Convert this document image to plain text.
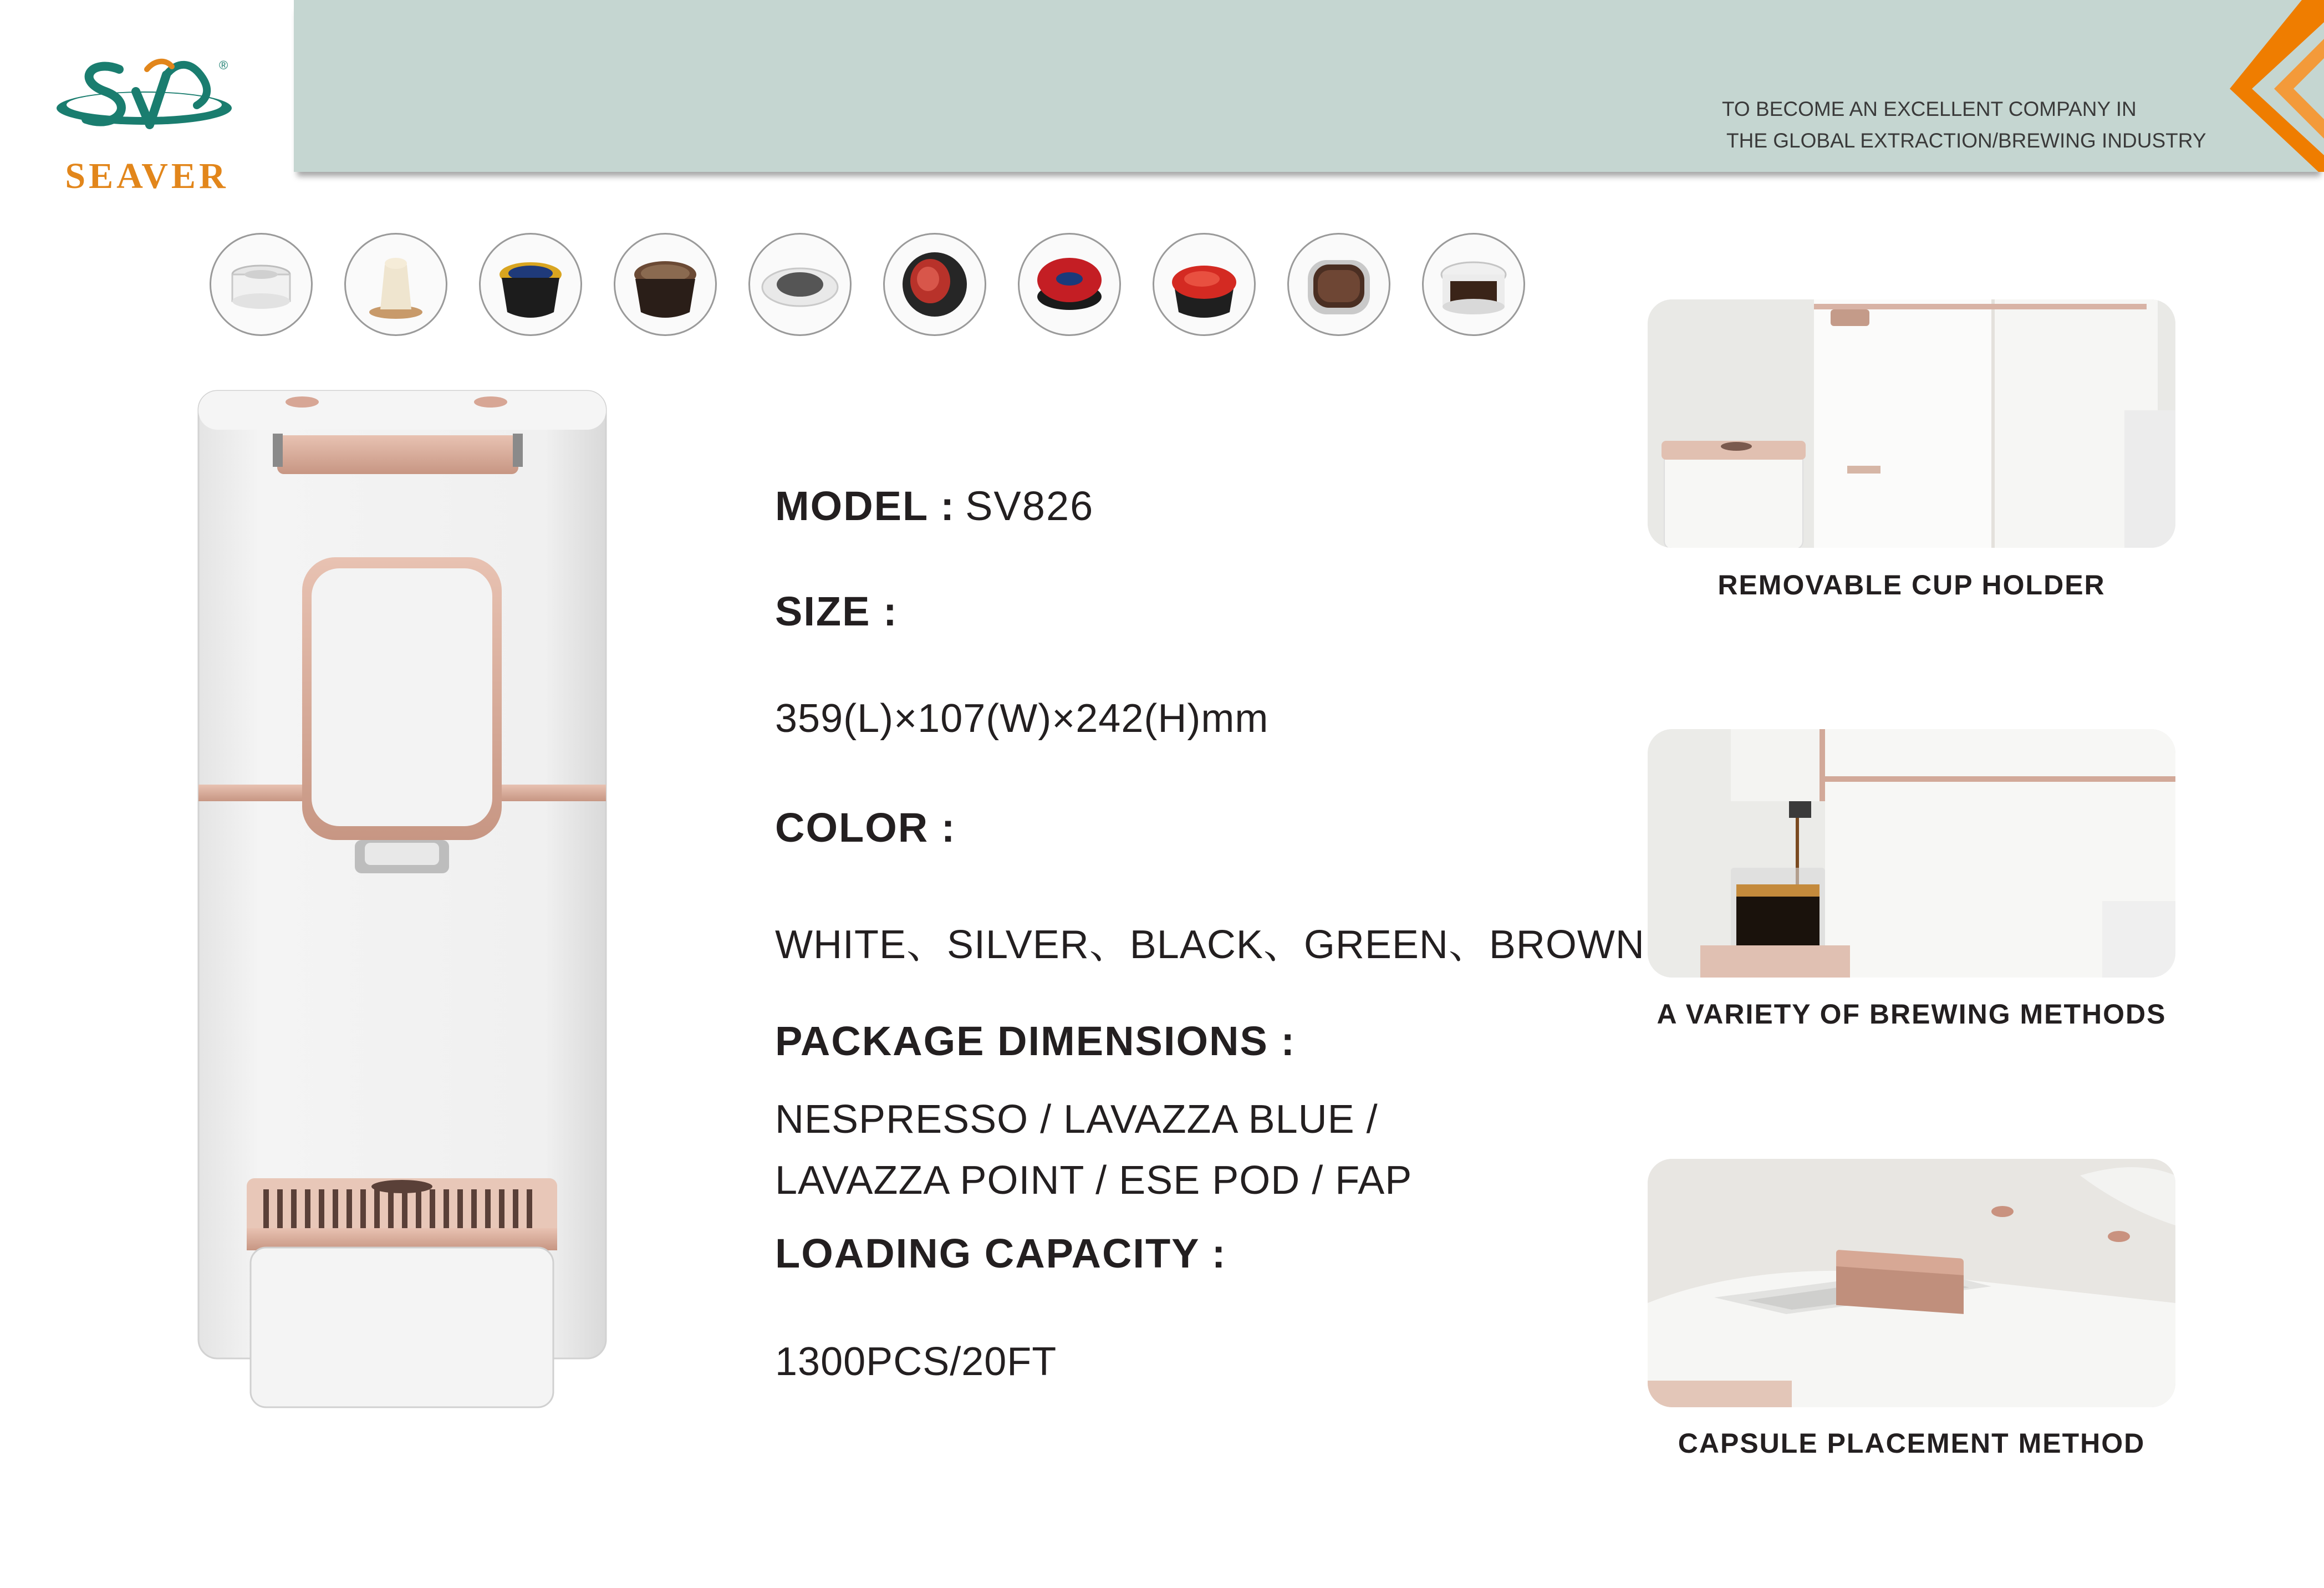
®
SEAVER
TO BECOME AN EXCELLENT COMPANY IN
THE GLOBAL EXTRACTION/BREWING INDUSTRY
MODEL : SV826
SIZE :
359(L)×107(W)×242(H)mm
COLOR :
WHITE、SILVER、BLACK、GREEN、BROWN
PACKAGE DIMENSIONS :
NESPRESSO / LAVAZZA BLUE /
LAVAZZA POINT / ESE POD / FAP
LOADING CAPACITY :
1300PCS/20FT
REMOVABLE CUP HOLDER
A VARIETY OF BREWING METHODS
CAPSULE PLACEMENT METHOD
